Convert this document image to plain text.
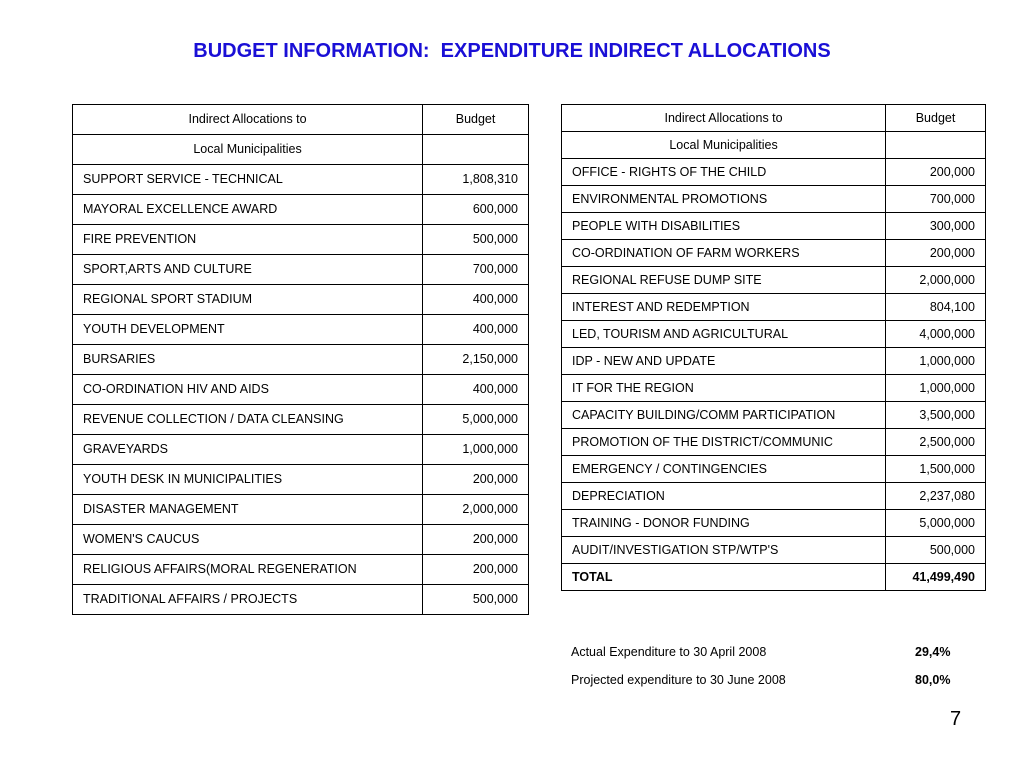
BUDGET INFORMATION:  EXPENDITURE INDIRECT ALLOCATIONS
Indirect Allocations to	Budget
Local Municipalities	
SUPPORT SERVICE - TECHNICAL	1,808,310
MAYORAL EXCELLENCE AWARD	600,000
FIRE PREVENTION	500,000
SPORT,ARTS AND CULTURE	700,000
REGIONAL SPORT STADIUM	400,000
YOUTH DEVELOPMENT	400,000
BURSARIES	2,150,000
CO-ORDINATION HIV AND AIDS	400,000
REVENUE COLLECTION / DATA CLEANSING	5,000,000
GRAVEYARDS	1,000,000
YOUTH DESK IN MUNICIPALITIES	200,000
DISASTER MANAGEMENT	2,000,000
WOMEN'S CAUCUS	200,000
RELIGIOUS AFFAIRS(MORAL REGENERATION	200,000
TRADITIONAL AFFAIRS / PROJECTS	500,000
Indirect Allocations to	Budget
Local Municipalities	
OFFICE - RIGHTS OF THE CHILD	200,000
ENVIRONMENTAL PROMOTIONS	700,000
PEOPLE WITH DISABILITIES	300,000
CO-ORDINATION OF FARM WORKERS	200,000
REGIONAL REFUSE DUMP SITE	2,000,000
INTEREST AND REDEMPTION	804,100
LED, TOURISM AND AGRICULTURAL	4,000,000
IDP - NEW AND UPDATE	1,000,000
IT FOR THE REGION	1,000,000
CAPACITY BUILDING/COMM PARTICIPATION	3,500,000
PROMOTION OF THE DISTRICT/COMMUNIC	2,500,000
EMERGENCY / CONTINGENCIES	1,500,000
DEPRECIATION	2,237,080
TRAINING - DONOR FUNDING	5,000,000
AUDIT/INVESTIGATION STP/WTP'S	500,000
TOTAL	41,499,490
Actual Expenditure to 30 April 2008	29,4%
Projected expenditure to 30 June 2008	80,0%
7
